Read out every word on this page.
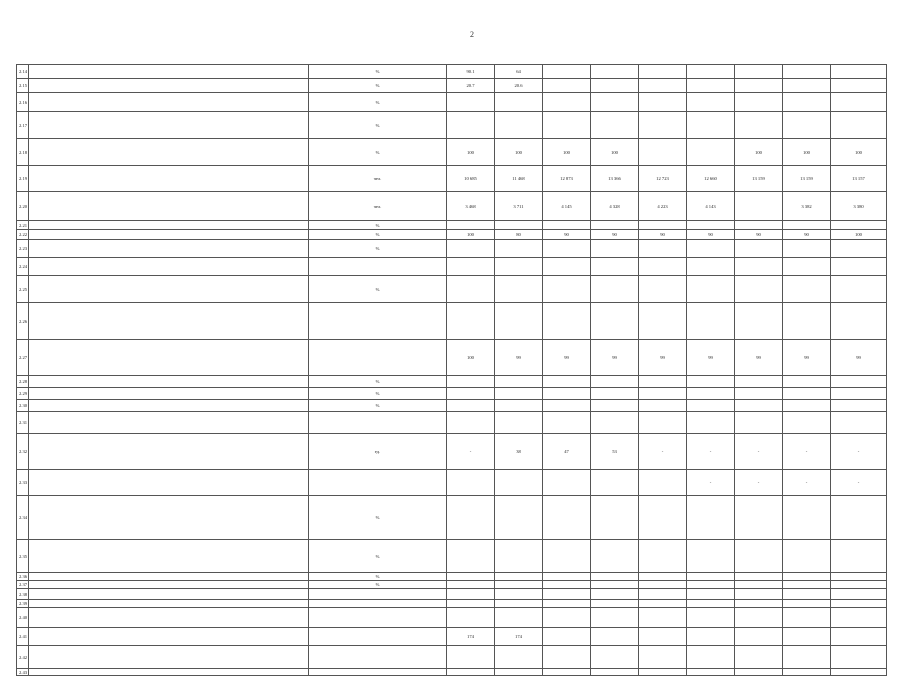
2
2.14		%	90.1	64							
2.15		%	20.7	20.6							
2.16		%									
2.17		%									
2.18		%	100	100	100	100			100	100	100
2.19		чел.	10 685	11 468	12 873	13 366	12 723	12 660	13 159	13 159	13 157
2.20		чел.	3 468	3 711	4 145	4 328	4 223	4 143		3 382	3 380
2.21		%									
2.22		%	100	80	90	90	90	90	90	90	100
2.23		%									
2.24											
2.25		%									
2.26											
2.27			100	99	99	99	99	99	99	99	99
2.28		%									
2.29		%									
2.30		%									
2.31											
2.32		ед.	-	38	47	53	-	-	-	-	-
2.33								-	-	-	-
2.34		%									
2.35		%									
2.36		%									
2.37		%									
2.38											
2.39											
2.40											
2.41			174	174							
2.42											
2.43											
